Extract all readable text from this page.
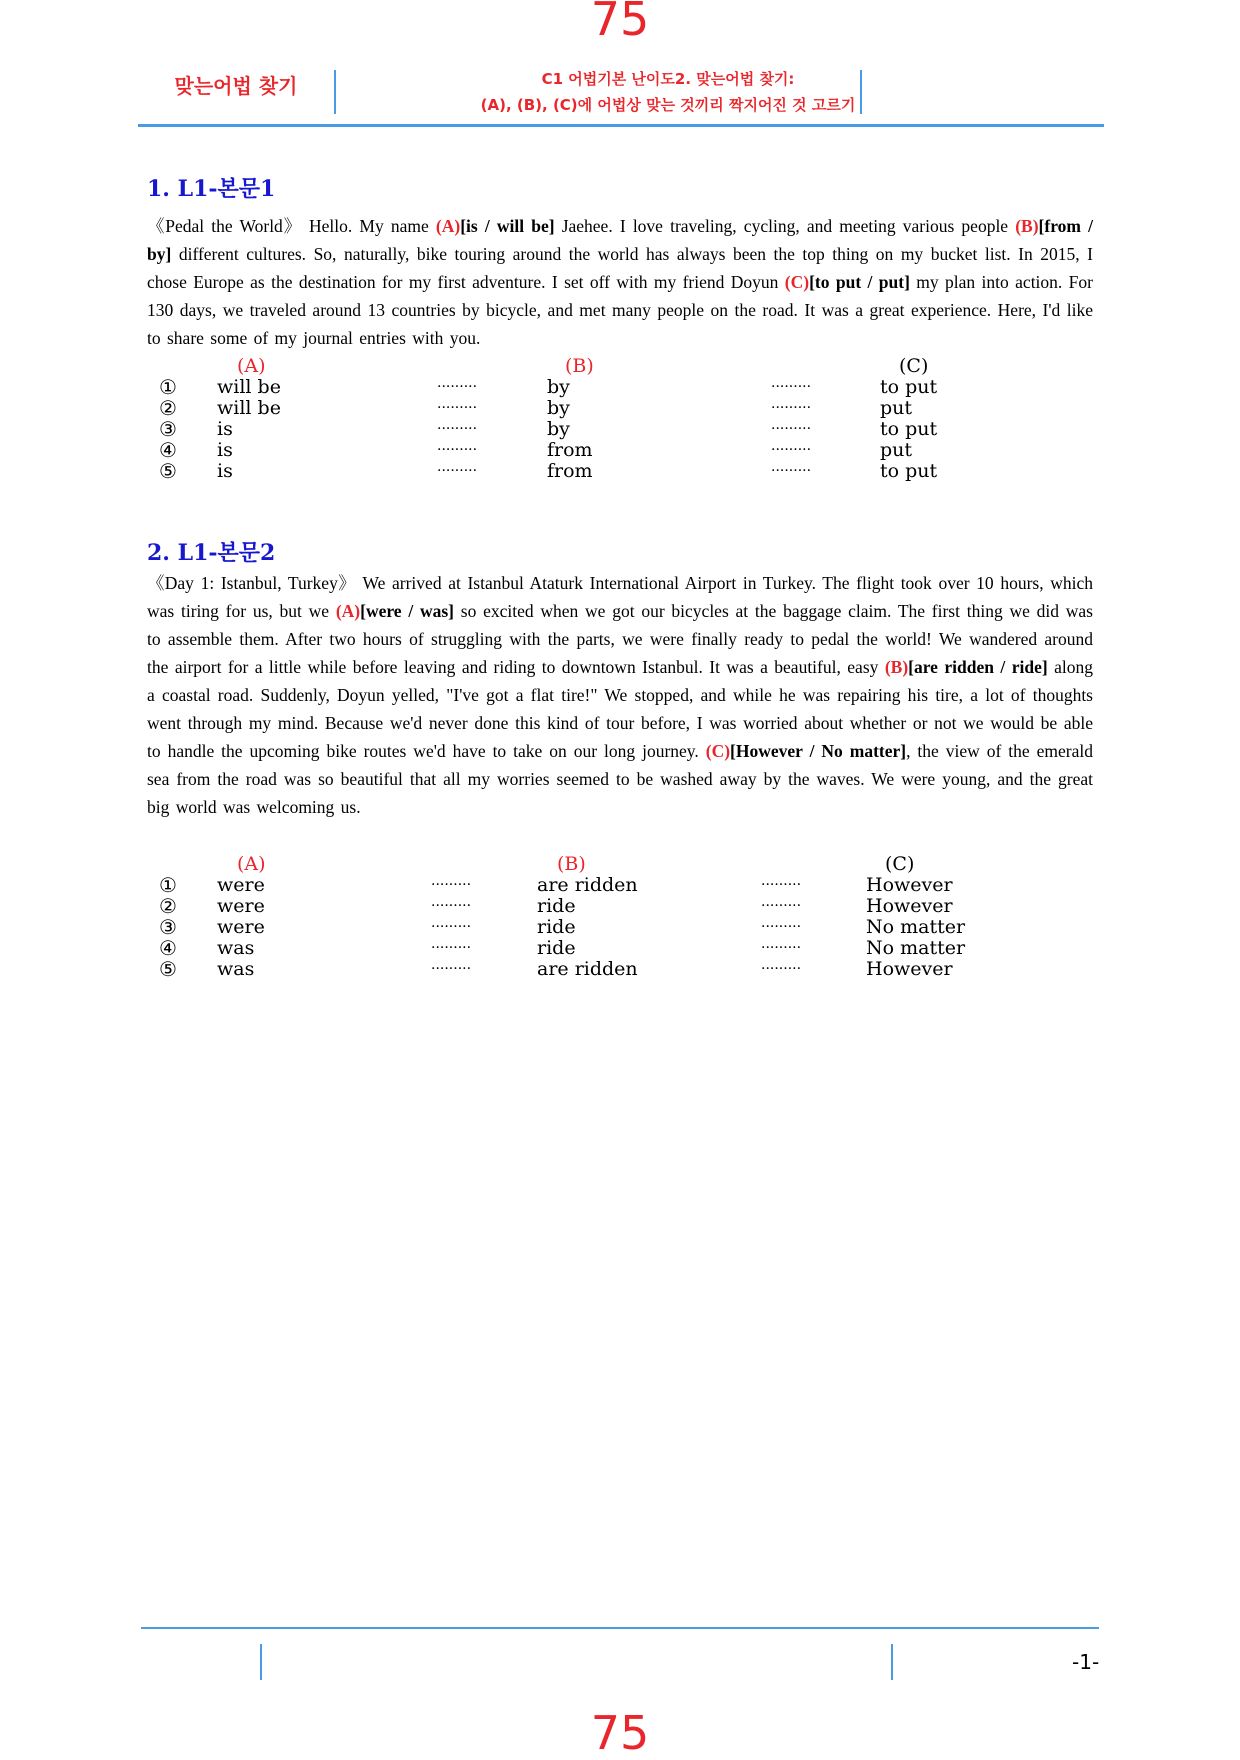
75
맞는어법 찾기	C1 어법기본 난이도2. 맞는어법 찾기:
(A), (B), (C)에 어법상 맞는 것끼리 짝지어진 것 고르기
1. L1-본문1
《Pedal the World》 Hello. My name (A)[is / will be] Jaehee. I love traveling, cycling, and meeting various people (B)[from / by] different cultures. So, naturally, bike touring around the world has always been the top thing on my bucket list. In 2015, I chose Europe as the destination for my first adventure. I set off with my friend Doyun (C)[to put / put] my plan into action. For 130 days, we traveled around 13 countries by bicycle, and met many people on the road. It was a great experience. Here, I'd like to share some of my journal entries with you.
(A)	(B)	(C)
① will be	·········	by	·········	to put
② will be	·········	by	·········	put
③ is	·········	by	·········	to put
④ is	·········	from	·········	put
⑤ is	·········	from	·········	to put
2. L1-본문2
《Day 1: Istanbul, Turkey》 We arrived at Istanbul Ataturk International Airport in Turkey. The flight took over 10 hours, which was tiring for us, but we (A)[were / was] so excited when we got our bicycles at the baggage claim. The first thing we did was to assemble them. After two hours of struggling with the parts, we were finally ready to pedal the world! We wandered around the airport for a little while before leaving and riding to downtown Istanbul. It was a beautiful, easy (B)[are ridden / ride] along a coastal road. Suddenly, Doyun yelled, "I've got a flat tire!" We stopped, and while he was repairing his tire, a lot of thoughts went through my mind. Because we'd never done this kind of tour before, I was worried about whether or not we would be able to handle the upcoming bike routes we'd have to take on our long journey. (C)[However / No matter], the view of the emerald sea from the road was so beautiful that all my worries seemed to be washed away by the waves. We were young, and the great big world was welcoming us.
(A)	(B)	(C)
① were	·········	are ridden	·········	However
② were	·········	ride	·········	However
③ were	·········	ride	·········	No matter
④ was	·········	ride	·········	No matter
⑤ was	·········	are ridden	·········	However
-1-
75
